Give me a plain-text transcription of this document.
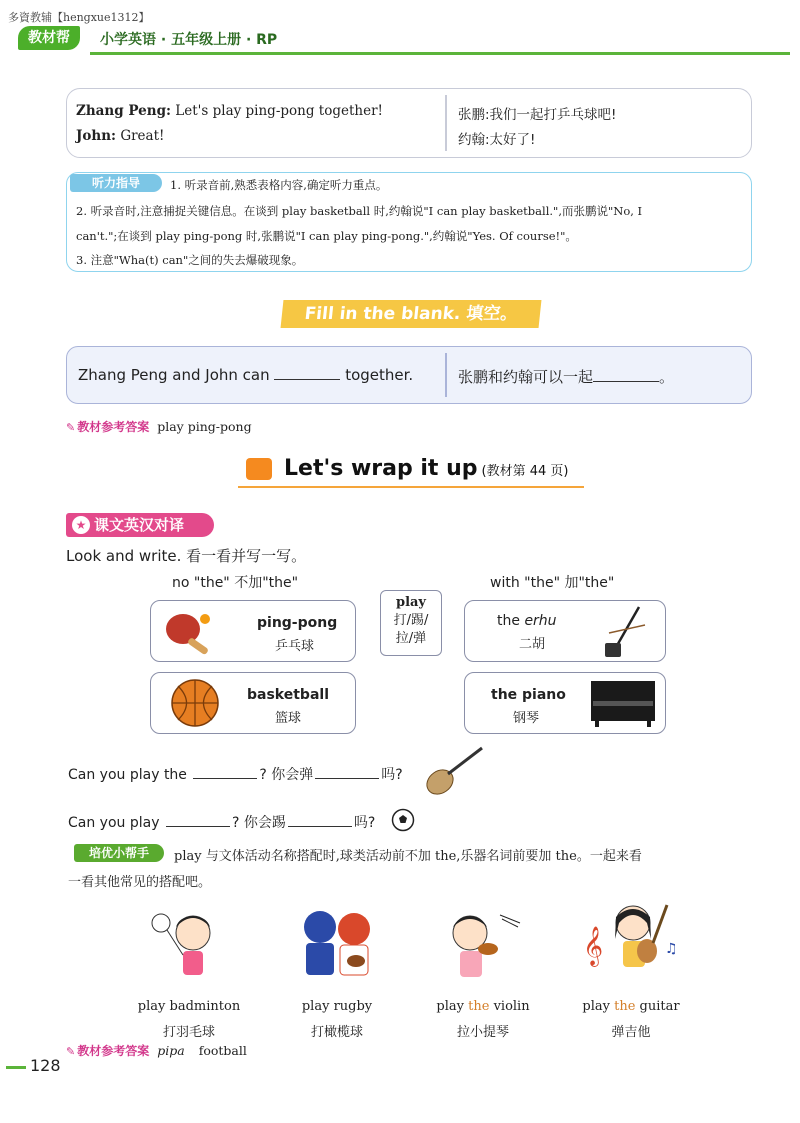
多資教辅【hengxue1312】
教材帮	小学英语 · 五年级上册 · RP
Zhang Peng: Let's play ping-pong together!
John: Great!
张鹏:我们一起打乒乓球吧!
约翰:太好了!
听力指导	1. 听录音前,熟悉表格内容,确定听力重点。
2. 听录音时,注意捕捉关键信息。在谈到 play basketball 时,约翰说"I can play basketball.",而张鹏说"No, I
can't.";在谈到 play ping-pong 时,张鹏说"I can play ping-pong.",约翰说"Yes. Of course!"。
3. 注意"Wha(t) can"之间的失去爆破现象。
Fill in the blank. 填空。
Zhang Peng and John can	together.	张鹏和约翰可以一起	。
✎ 教材参考答案 play ping-pong
Let's wrap it up (教材第 44 页)
★ 课文英汉对译
Look and write. 看一看并写一写。
no "the" 不加"the"	with "the" 加"the"
ping-pong
乒乓球
basketball
篮球
play
打/踢/
拉/弹
the erhu
二胡
the piano
钢琴
Can you play the	? 你会弹	吗?
Can you play	? 你会踢	吗?
培优小帮手	play 与文体活动名称搭配时,球类活动前不加 the,乐器名词前要加 the。一起来看
一看其他常见的搭配吧。
play badminton
打羽毛球
play rugby
打橄榄球
play the violin
拉小提琴
𝄞	♫
play the guitar
弹吉他
✎ 教材参考答案 pipa football
128
